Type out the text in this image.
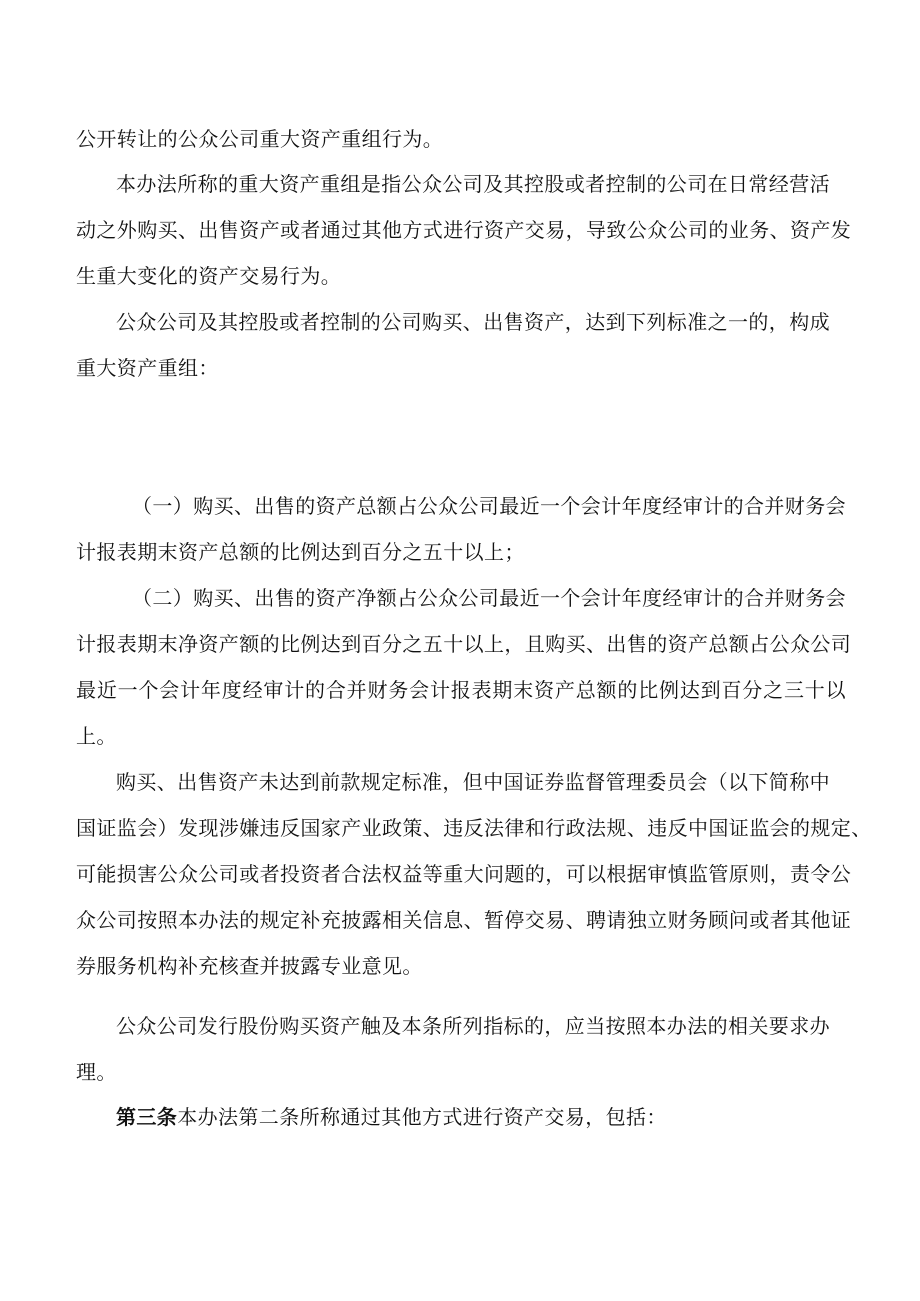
公开转让的公众公司重大资产重组行为。
本办法所称的重大资产重组是指公众公司及其控股或者控制的公司在日常经营活
动之外购买、出售资产或者通过其他方式进行资产交易，导致公众公司的业务、资产发
生重大变化的资产交易行为。
公众公司及其控股或者控制的公司购买、出售资产，达到下列标准之一的，构成
重大资产重组：
（一）购买、出售的资产总额占公众公司最近一个会计年度经审计的合并财务会
计报表期末资产总额的比例达到百分之五十以上；
（二）购买、出售的资产净额占公众公司最近一个会计年度经审计的合并财务会
计报表期末净资产额的比例达到百分之五十以上，且购买、出售的资产总额占公众公司
最近一个会计年度经审计的合并财务会计报表期末资产总额的比例达到百分之三十以
上。
购买、出售资产未达到前款规定标准，但中国证券监督管理委员会（以下简称中
国证监会）发现涉嫌违反国家产业政策、违反法律和行政法规、违反中国证监会的规定、
可能损害公众公司或者投资者合法权益等重大问题的，可以根据审慎监管原则，责令公
众公司按照本办法的规定补充披露相关信息、暂停交易、聘请独立财务顾问或者其他证
券服务机构补充核查并披露专业意见。
公众公司发行股份购买资产触及本条所列指标的，应当按照本办法的相关要求办
理。
第三条本办法第二条所称通过其他方式进行资产交易，包括：
